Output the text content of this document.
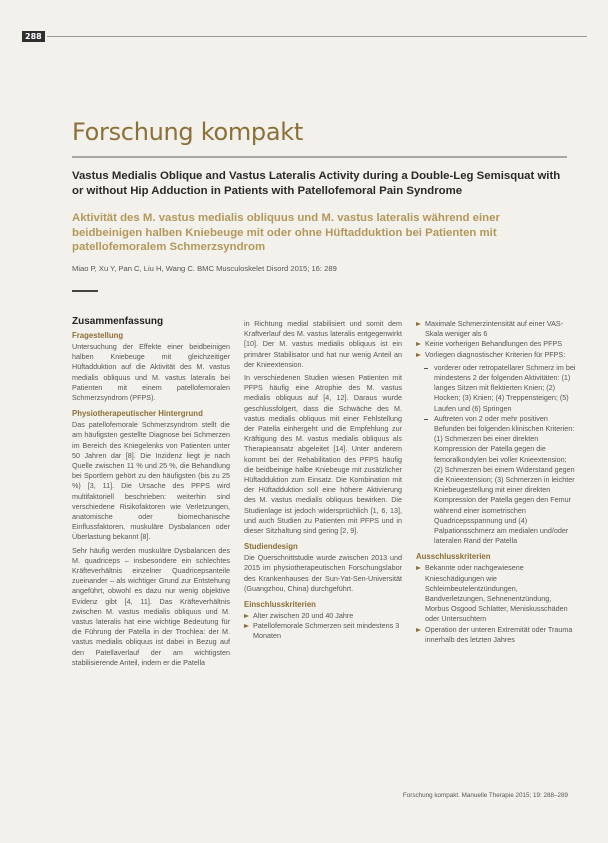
288
Forschung kompakt
Vastus Medialis Oblique and Vastus Lateralis Activity during a Double-Leg Semisquat with or without Hip Adduction in Patients with Patellofemoral Pain Syndrome
Aktivität des M. vastus medialis obliquus und M. vastus lateralis während einer beidbeinigen halben Kniebeuge mit oder ohne Hüftadduktion bei Patienten mit patellofemoralem Schmerzsyndrom
Miao P, Xu Y, Pan C, Liu H, Wang C. BMC Musculoskelet Disord 2015; 16: 289
Zusammenfassung
Fragestellung

Untersuchung der Effekte einer beidbeinigen halben Kniebeuge mit gleichzeitiger Hüftadduktion auf die Aktivität des M. vastus medialis obliquus und M. vastus lateralis bei Patienten mit einem patellofemoralen Schmerzsyndrom (PFPS).

Physiotherapeutischer Hintergrund

Das patellofemorale Schmerzsyndrom stellt die am häufigsten gestellte Diagnose bei Schmerzen im Bereich des Kniegelenks von Patienten unter 50 Jahren dar [8]. Die Inzidenz liegt je nach Quelle zwischen 11 % und 25 %, die Behandlung bei Sportlern gehört zu den häufigsten (bis zu 25 %) [3, 11]. Die Ursache des PFPS wird multifaktoriell beschrieben: weiterhin sind verschiedene Risikofaktoren wie Verletzungen, anatomische oder biomechanische Einflussfaktoren, muskuläre Dysbalancen oder Überlastung bekannt [8].

Sehr häufig werden muskuläre Dysbalancen des M. quadriceps – insbesondere ein schlechtes Kräfteverhältnis einzelner Quadricepsanteile zueinander – als wichtiger Grund zur Entstehung angeführt, obwohl es dazu nur wenig objektive Evidenz gibt [4, 11]. Das Kräfteverhältnis zwischen M. vastus medialis obliquus und M. vastus lateralis hat eine wichtige Bedeutung für die Führung der Patella in der Trochlea: der M. vastus medialis obliquus ist dabei in Bezug auf den Patellaverlauf der am wichtigsten stabilisierende Anteil, indem er die Patella

in Richtung medial stabilisiert und somit dem Kraftverlauf des M. vastus lateralis entgegenwirkt [10]. Der M. vastus medialis obliquus ist ein primärer Stabilisator und hat nur wenig Anteil an der Knieextension.

In verschiedenen Studien wiesen Patienten mit PFPS häufig eine Atrophie des M. vastus medialis obliquus auf [4, 12]. Daraus wurde geschlussfolgert, dass die Schwäche des M. vastus medialis obliquus mit einer Fehlstellung der Patella einhergeht und die Empfehlung zur Kräftigung des M. vastus medialis obliquus als Therapieansatz abgeleitet [14]. Unter anderem kommt bei der Rehabilitation des PFPS häufig die beidbeinige halbe Kniebeuge mit zusätzlicher Hüftadduktion zum Einsatz. Die Kombination mit der Hüftadduktion soll eine höhere Aktivierung des M. vastus medialis obliquus bewirken. Die Studienlage ist jedoch widersprüchlich [1, 6, 13], und auch Studien zu Patienten mit PFPS und in dieser Sitzhaltung sind gering [2, 9].

Studiendesign

Die Querschnittstudie wurde zwischen 2013 und 2015 im physiotherapeutischen Forschungslabor des Krankenhauses der Sun-Yat-Sen-Universität (Guangzhou, China) durchgeführt.

Einschlusskriterien
Alter zwischen 20 und 40 Jahre
Patellofemorale Schmerzen seit mindestens 3 Monaten
Maximale Schmerzintensität auf einer VAS-Skala weniger als 6
Keine vorherigen Behandlungen des PFPS
Vorliegen diagnostischer Kriterien für PFPS:
vorderer oder retropatellarer Schmerz im bei mindestens 2 der folgenden Aktivitäten: (1) langes Sitzen mit flektierten Knien; (2) Hocken; (3) Knien; (4) Treppensteigen; (5) Laufen und (6) Springen
Auftreten von 2 oder mehr positiven Befunden bei folgenden klinischen Kriterien: (1) Schmerzen bei einer direkten Kompression der Patella gegen die femoralkondylen bei voller Knieextension; (2) Schmerzen bei einem Widerstand gegen die Knieextension; (3) Schmerzen in leichter Kniebeugestellung mit einer direkten Kompression der Patella gegen den Femur während einer isometrischen Quadricepsspannung und (4) Palpationsschmerz am medialen und/oder lateralen Rand der Patella
Ausschlusskriterien
Bekannte oder nachgewiesene Knieschädigungen wie Schleimbeutelentzündungen, Bandverletzungen, Sehnenentzündung, Morbus Osgood Schlatter, Meniskusschäden oder Untersuchtem
Operation der unteren Extremität oder Trauma innerhalb des letzten Jahres
Forschung kompakt. Manuelle Therapie 2015; 19: 288–289
